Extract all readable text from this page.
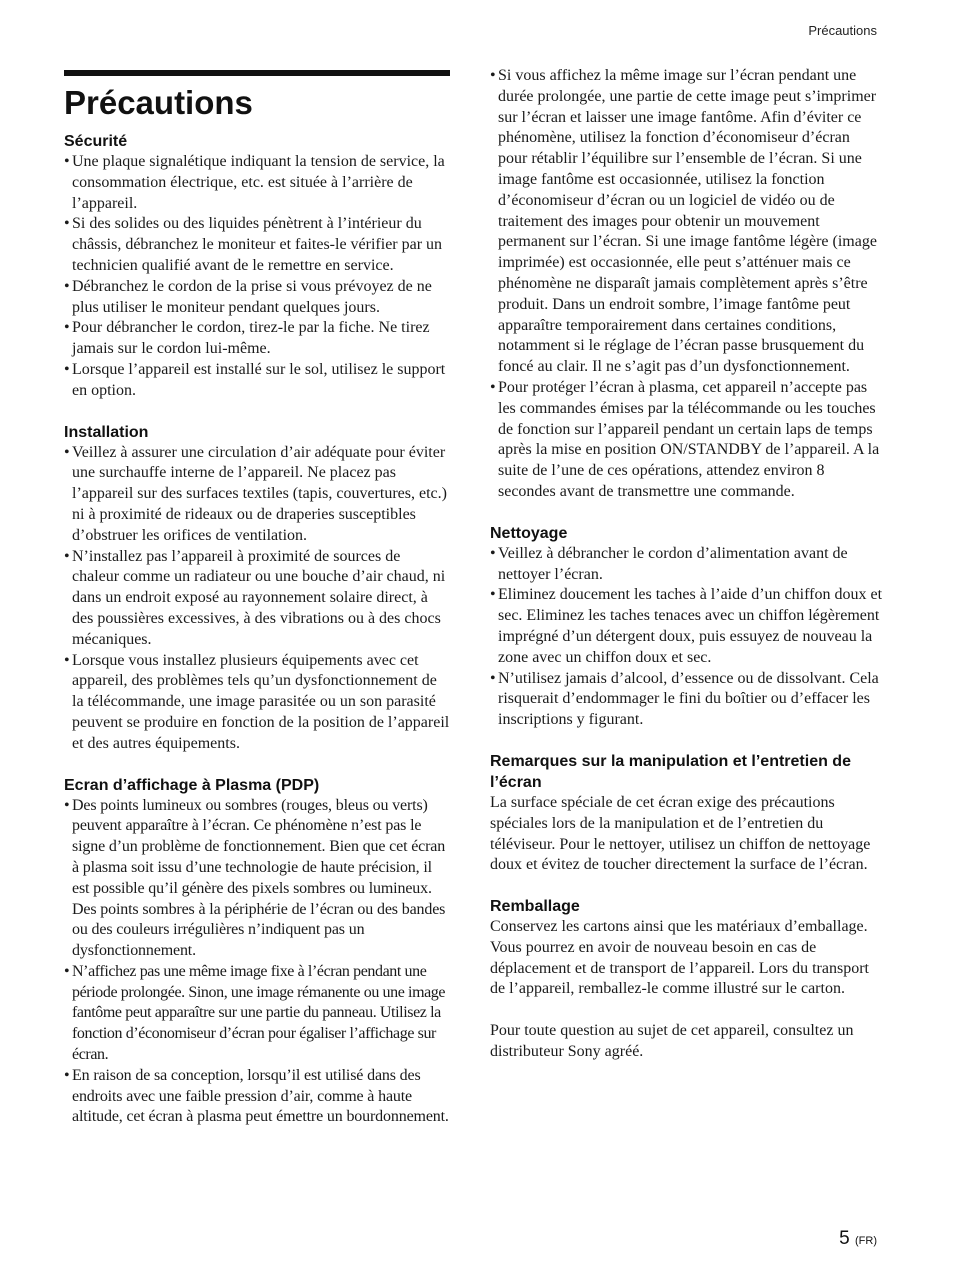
Précautions
Précautions
Sécurité
• Une plaque signalétique indiquant la tension de service, la consommation électrique, etc. est située à l’arrière de l’appareil.
• Si des solides ou des liquides pénètrent à l’intérieur du châssis, débranchez le moniteur et faites-le vérifier par un technicien qualifié avant de le remettre en service.
• Débranchez le cordon de la prise si vous prévoyez de ne plus utiliser le moniteur pendant quelques jours.
• Pour débrancher le cordon, tirez-le par la fiche. Ne tirez jamais sur le cordon lui-même.
• Lorsque l’appareil est installé sur le sol, utilisez le support en option.
Installation
• Veillez à assurer une circulation d’air adéquate pour éviter une surchauffe interne de l’appareil. Ne placez pas l’appareil sur des surfaces textiles (tapis, couvertures, etc.) ni à proximité de rideaux ou de draperies susceptibles d’obstruer les orifices de ventilation.
• N’installez pas l’appareil à proximité de sources de chaleur comme un radiateur ou une bouche d’air chaud, ni dans un endroit exposé au rayonnement solaire direct, à des poussières excessives, à des vibrations ou à des chocs mécaniques.
• Lorsque vous installez plusieurs équipements avec cet appareil, des problèmes tels qu’un dysfonctionnement de la télécommande, une image parasitée ou un son parasité peuvent se produire en fonction de la position de l’appareil et des autres équipements.
Ecran d’affichage à Plasma (PDP)
• Des points lumineux ou sombres (rouges, bleus ou verts) peuvent apparaître à l’écran. Ce phénomène n’est pas le signe d’un problème de fonctionnement. Bien que cet écran à plasma soit issu d’une technologie de haute précision, il est possible qu’il génère des pixels sombres ou lumineux. Des points sombres à la périphérie de l’écran ou des bandes ou des couleurs irrégulières n’indiquent pas un dysfonctionnement.
• N’affichez pas une même image fixe à l’écran pendant une période prolongée. Sinon, une image rémanente ou une image fantôme peut apparaître sur une partie du panneau. Utilisez la fonction d’économiseur d’écran pour égaliser l’affichage sur écran.
• En raison de sa conception, lorsqu’il est utilisé dans des endroits avec une faible pression d’air, comme à haute altitude, cet écran à plasma peut émettre un bourdonnement.
• Si vous affichez la même image sur l’écran pendant une durée prolongée, une partie de cette image peut s’imprimer sur l’écran et laisser une image fantôme. Afin d’éviter ce phénomène, utilisez la fonction d’économiseur d’écran pour rétablir l’équilibre sur l’ensemble de l’écran. Si une image fantôme est occasionnée, utilisez la fonction d’économiseur d’écran ou un logiciel de vidéo ou de traitement des images pour obtenir un mouvement permanent sur l’écran. Si une image fantôme légère (image imprimée) est occasionnée, elle peut s’atténuer mais ce phénomène ne disparaît jamais complètement après s’être produit. Dans un endroit sombre, l’image fantôme peut apparaître temporairement dans certaines conditions, notamment si le réglage de l’écran passe brusquement du foncé au clair. Il ne s’agit pas d’un dysfonctionnement.
• Pour protéger l’écran à plasma, cet appareil n’accepte pas les commandes émises par la télécommande ou les touches de fonction sur l’appareil pendant un certain laps de temps après la mise en position ON/STANDBY de l’appareil. A la suite de l’une de ces opérations, attendez environ 8 secondes avant de transmettre une commande.
Nettoyage
• Veillez à débrancher le cordon d’alimentation avant de nettoyer l’écran.
• Eliminez doucement les taches à l’aide d’un chiffon doux et sec. Eliminez les taches tenaces avec un chiffon légèrement imprégné d’un détergent doux, puis essuyez de nouveau la zone avec un chiffon doux et sec.
• N’utilisez jamais d’alcool, d’essence ou de dissolvant. Cela risquerait d’endommager le fini du boîtier ou d’effacer les inscriptions y figurant.
Remarques sur la manipulation et l’entretien de l’écran

La surface spéciale de cet écran exige des précautions spéciales lors de la manipulation et de l’entretien du téléviseur. Pour le nettoyer, utilisez un chiffon de nettoyage doux et évitez de toucher directement la surface de l’écran.

Remballage

Conservez les cartons ainsi que les matériaux d’emballage. Vous pourrez en avoir de nouveau besoin en cas de déplacement et de transport de l’appareil. Lors du transport de l’appareil, remballez-le comme illustré sur le carton.

Pour toute question au sujet de cet appareil, consultez un distributeur Sony agréé.

5 (FR)
